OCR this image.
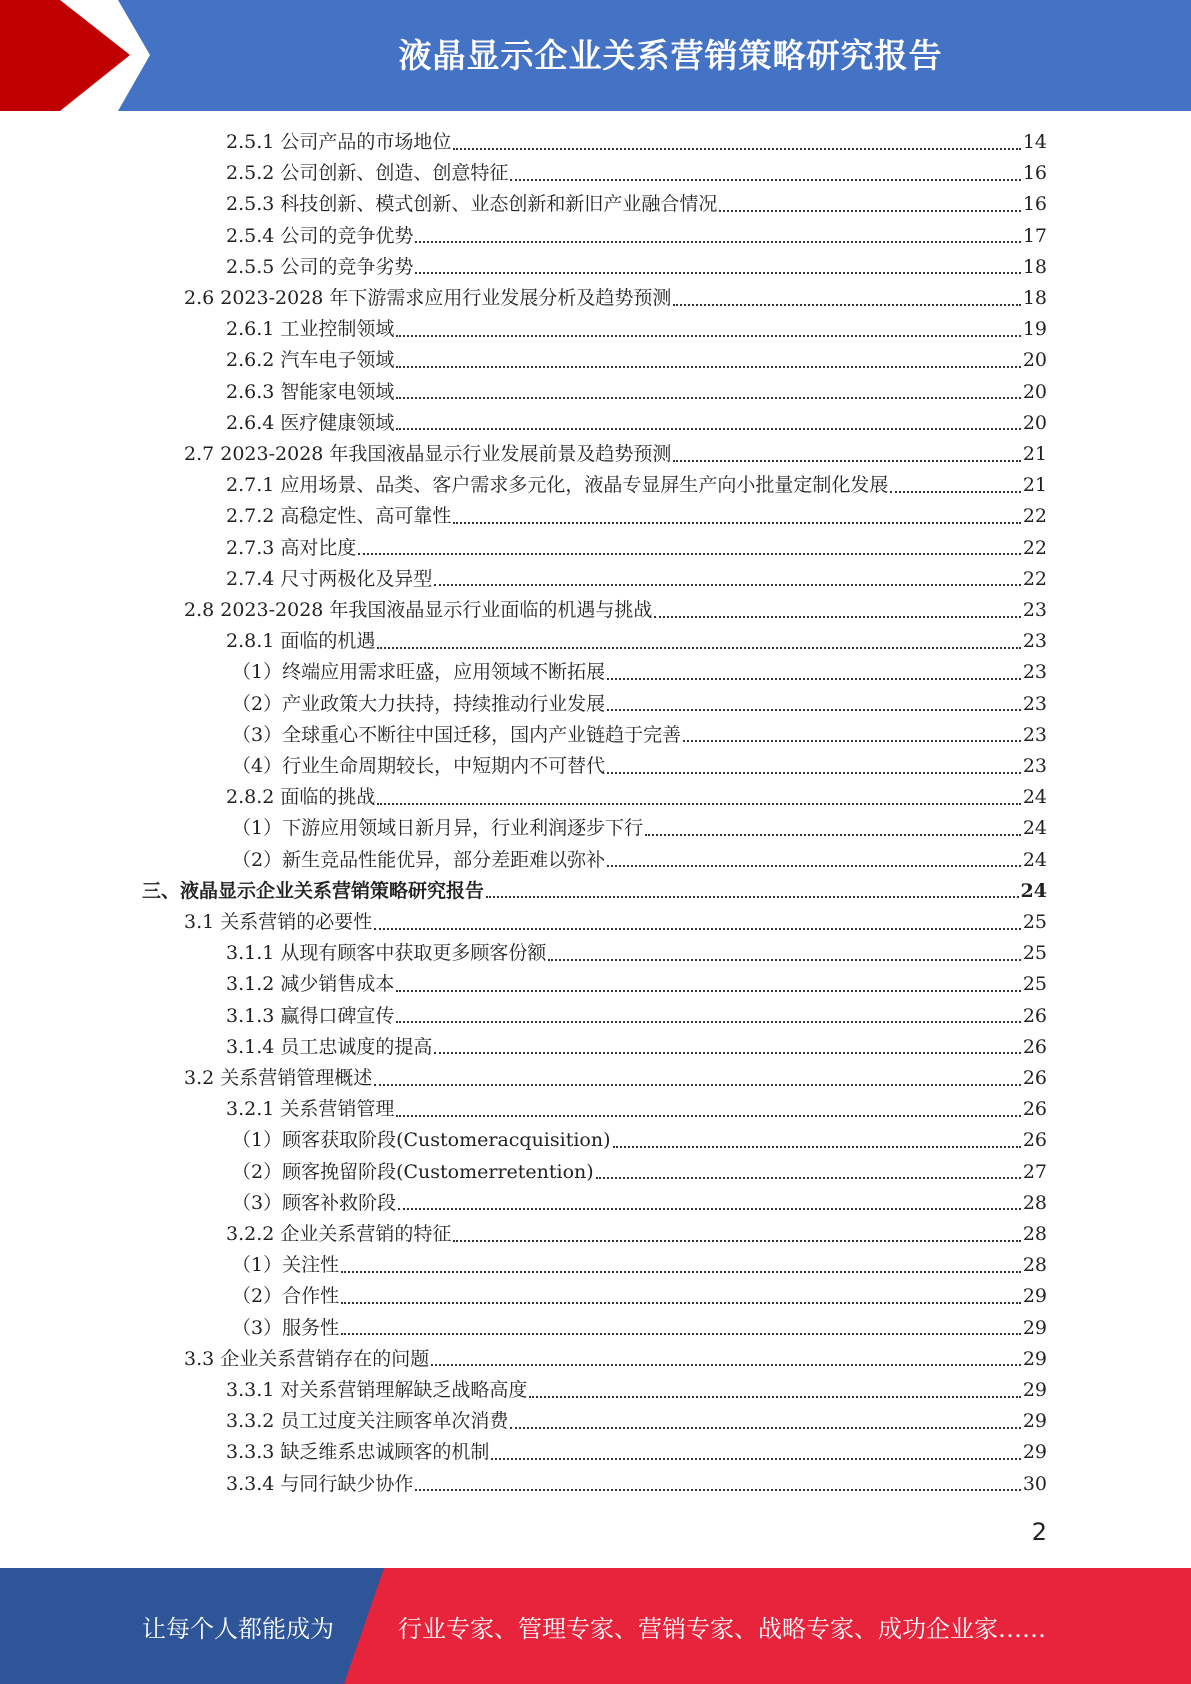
液晶显示企业关系营销策略研究报告
2.5.1 公司产品的市场地位	14
2.5.2 公司创新、创造、创意特征	16
2.5.3 科技创新、模式创新、业态创新和新旧产业融合情况	16
2.5.4 公司的竞争优势	17
2.5.5 公司的竞争劣势	18
2.6 2023-2028 年下游需求应用行业发展分析及趋势预测	18
2.6.1 工业控制领域	19
2.6.2 汽车电子领域	20
2.6.3 智能家电领域	20
2.6.4 医疗健康领域	20
2.7 2023-2028 年我国液晶显示行业发展前景及趋势预测	21
2.7.1 应用场景、品类、客户需求多元化，液晶专显屏生产向小批量定制化发展	21
2.7.2 高稳定性、高可靠性	22
2.7.3 高对比度	22
2.7.4 尺寸两极化及异型	22
2.8 2023-2028 年我国液晶显示行业面临的机遇与挑战	23
2.8.1 面临的机遇	23
（1）终端应用需求旺盛，应用领域不断拓展	23
（2）产业政策大力扶持，持续推动行业发展	23
（3）全球重心不断往中国迁移，国内产业链趋于完善	23
（4）行业生命周期较长，中短期内不可替代	23
2.8.2 面临的挑战	24
（1）下游应用领域日新月异，行业利润逐步下行	24
（2）新生竞品性能优异，部分差距难以弥补	24
三、液晶显示企业关系营销策略研究报告	24
3.1 关系营销的必要性	25
3.1.1 从现有顾客中获取更多顾客份额	25
3.1.2 减少销售成本	25
3.1.3 赢得口碑宣传	26
3.1.4 员工忠诚度的提高	26
3.2 关系营销管理概述	26
3.2.1 关系营销管理	26
（1）顾客获取阶段(Customeracquisition)	26
（2）顾客挽留阶段(Customerretention)	27
（3）顾客补救阶段	28
3.2.2 企业关系营销的特征	28
（1）关注性	28
（2）合作性	29
（3）服务性	29
3.3 企业关系营销存在的问题	29
3.3.1 对关系营销理解缺乏战略高度	29
3.3.2 员工过度关注顾客单次消费	29
3.3.3 缺乏维系忠诚顾客的机制	29
3.3.4 与同行缺少协作	30
2
让每个人都能成为	行业专家、管理专家、营销专家、战略专家、成功企业家……
